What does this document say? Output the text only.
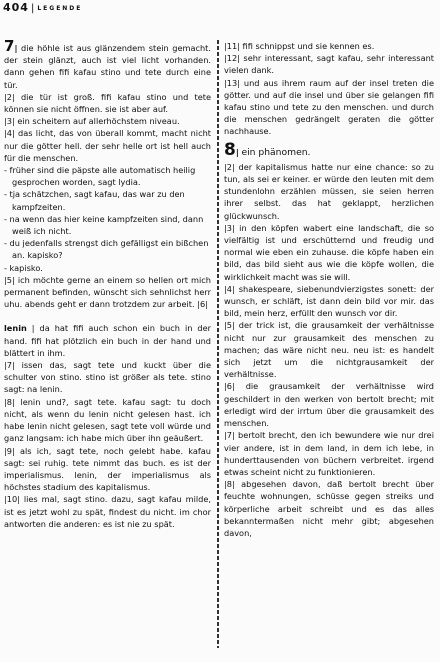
404 | LEGENDE

7| die höhle ist aus glänzendem stein gemacht. der stein glänzt, auch ist viel licht vorhanden. dann gehen fifi kafau stino und tete durch eine tür.

|2| die tür ist groß. fifi kafau stino und tete können sie nicht öffnen. sie ist aber auf.

|3| ein scheitern auf allerhöchstem niveau.

|4| das licht, das von überall kommt, macht nicht nur die götter hell. der sehr helle ort ist hell auch für die menschen.

- früher sind die päpste alle automatisch heilig gesprochen worden, sagt lydia.

- tja schätzchen, sagt kafau, das war zu den kampfzeiten.

- na wenn das hier keine kampfzeiten sind, dann weiß ich nicht.

- du jedenfalls strengst dich gefälligst ein bißchen an. kapisko?

- kapisko.

|5| ich möchte gerne an einem so hellen ort mich permanent befinden, wünscht sich sehnlichst herr uhu. abends geht er dann trotzdem zur arbeit. |6|

lenin | da hat fifi auch schon ein buch in der hand. fifi hat plötzlich ein buch in der hand und blättert in ihm.

|7| issen das, sagt tete und kuckt über die schulter von stino. stino ist größer als tete. stino sagt: na lenin.

|8| lenin und?, sagt tete. kafau sagt: tu doch nicht, als wenn du lenin nicht gelesen hast. ich habe lenin nicht gelesen, sagt tete voll würde und ganz langsam: ich habe mich über ihn geäußert.

|9| als ich, sagt tete, noch gelebt habe. kafau sagt: sei ruhig. tete nimmt das buch. es ist der imperialismus. lenin, der imperialismus als höchstes stadium des kapitalismus.

|10| lies mal, sagt stino. dazu, sagt kafau milde, ist es jetzt wohl zu spät, findest du nicht. im chor antworten die anderen: es ist nie zu spät.

|11| fifi schnippst und sie kennen es.

|12| sehr interessant, sagt kafau, sehr interessant vielen dank.

|13| und aus ihrem raum auf der insel treten die götter. und auf die insel und über sie gelangen fifi kafau stino und tete zu den menschen. und durch die menschen gedrängelt geraten die götter nachhause.

8| ein phänomen.

|2| der kapitalismus hatte nur eine chance: so zu tun, als sei er keiner. er würde den leuten mit dem stundenlohn erzählen müssen, sie seien herren ihrer selbst. das hat geklappt, herzlichen glückwunsch.

|3| in den köpfen wabert eine landschaft, die so vielfältig ist und erschütternd und freudig und normal wie eben ein zuhause. die köpfe haben ein bild, das bild sieht aus wie die köpfe wollen, die wirklichkeit macht was sie will.

|4| shakespeare, siebenundvierzigstes sonett: der wunsch, er schläft, ist dann dein bild vor mir. das bild, mein herz, erfüllt den wunsch vor dir.

|5| der trick ist, die grausamkeit der verhältnisse nicht nur zur grausamkeit des menschen zu machen; das wäre nicht neu. neu ist: es handelt sich jetzt um die nichtgrausamkeit der verhältnisse.

|6| die grausamkeit der verhältnisse wird geschildert in den werken von bertolt brecht; mit erledigt wird der irrtum über die grausamkeit des menschen.

|7| bertolt brecht, den ich bewundere wie nur drei vier andere, ist in dem land, in dem ich lebe, in hunderttausenden von büchern verbreitet. irgend etwas scheint nicht zu funktionieren.

|8| abgesehen davon, daß bertolt brecht über feuchte wohnungen, schüsse gegen streiks und körperliche arbeit schreibt und es das alles bekanntermaßen nicht mehr gibt; abgesehen davon,
